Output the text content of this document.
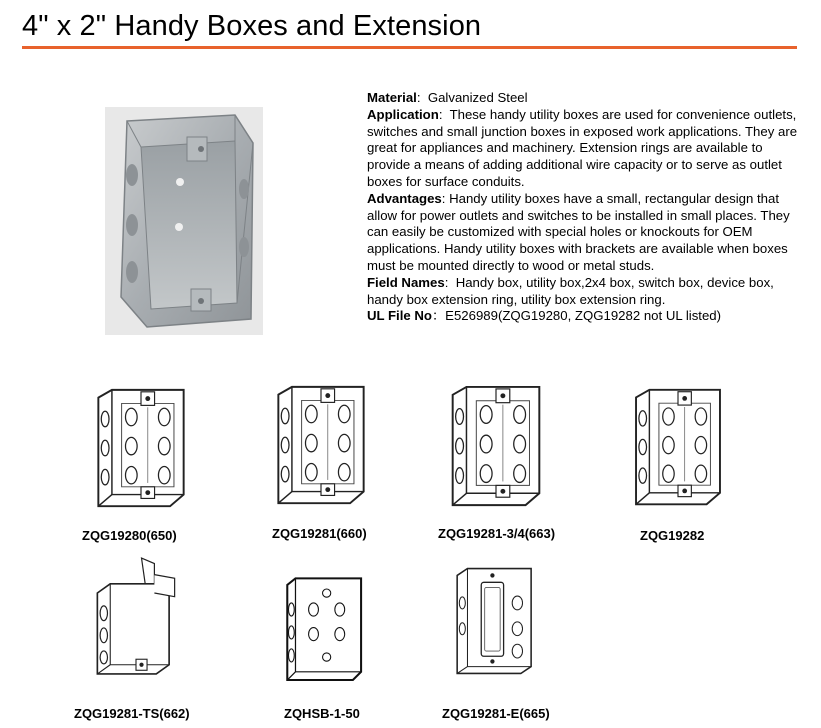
4" x 2" Handy Boxes and Extension

Material: Galvanized Steel

Application: These handy utility boxes are used for convenience outlets, switches and small junction boxes in exposed work applications. They are great for appliances and machinery. Extension rings are available to provide a means of adding additional wire capacity or to serve as outlet boxes for surface conduits.

Advantages: Handy utility boxes have a small, rectangular design that allow for power outlets and switches to be installed in small places. They can easily be customized with special holes or knockouts for OEM applications. Handy utility boxes with brackets are available when boxes must be mounted directly to wood or metal studs.

Field Names: Handy box, utility box,2x4 box, switch box, device box, handy box extension ring, utility box extension ring.

UL File No：E526989(ZQG19280, ZQG19282 not UL listed)

ZQG19280(650)	ZQG19281(660)	ZQG19281-3/4(663)	ZQG19282
ZQG19281-TS(662)	ZQHSB-1-50	ZQG19281-E(665)
